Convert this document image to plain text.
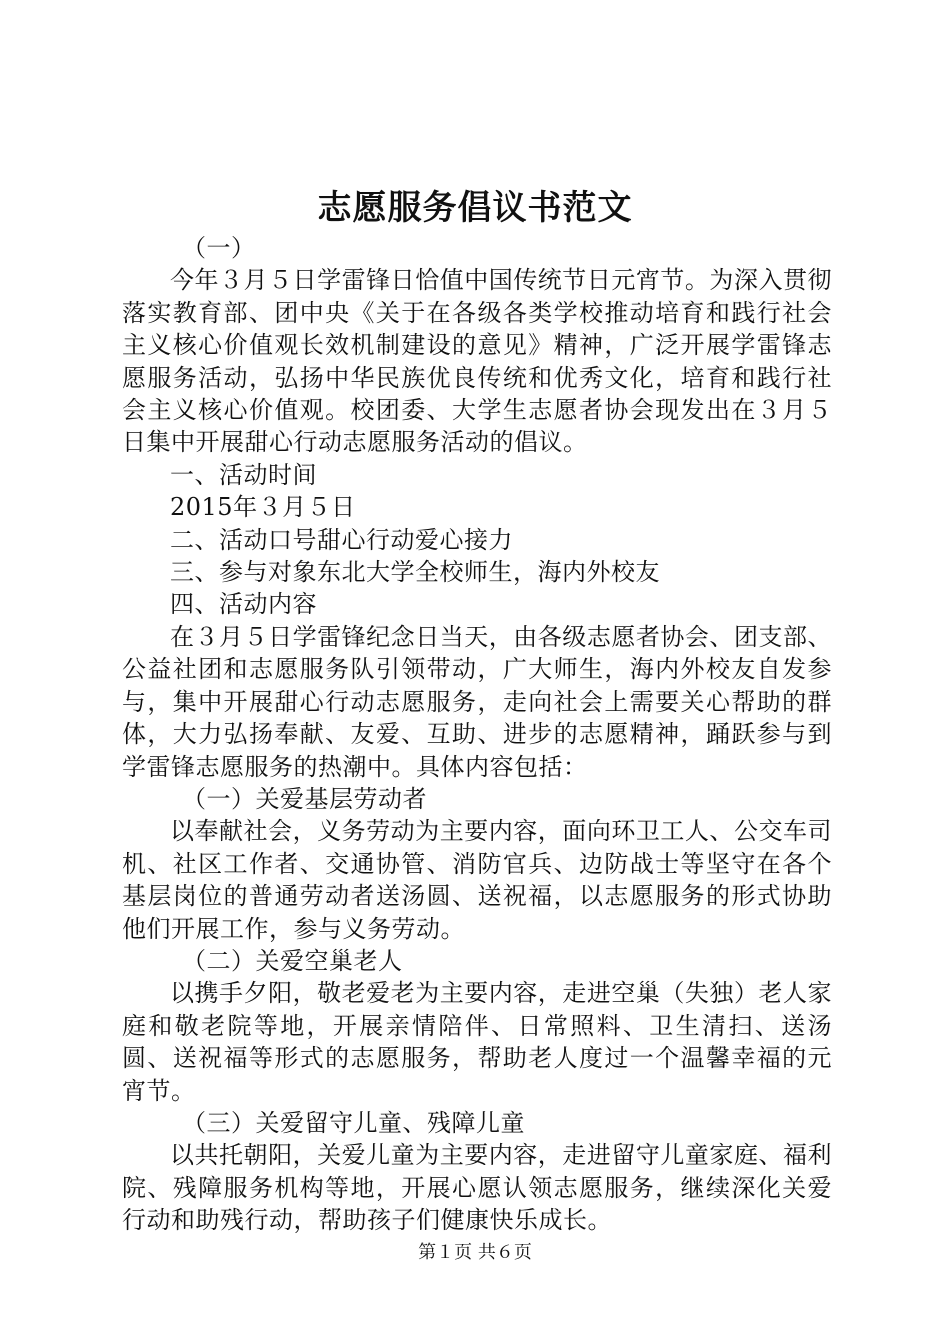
志愿服务倡议书范文

（一）

今年３月５日学雷锋日恰值中国传统节日元宵节。为深入贯彻落实教育部、团中央《关于在各级各类学校推动培育和践行社会主义核心价值观长效机制建设的意见》精神，广泛开展学雷锋志愿服务活动，弘扬中华民族优良传统和优秀文化，培育和践行社会主义核心价值观。校团委、大学生志愿者协会现发出在３月５日集中开展甜心行动志愿服务活动的倡议。

一、活动时间

2015年３月５日

二、活动口号甜心行动爱心接力

三、参与对象东北大学全校师生，海内外校友

四、活动内容

在３月５日学雷锋纪念日当天，由各级志愿者协会、团支部、公益社团和志愿服务队引领带动，广大师生，海内外校友自发参与，集中开展甜心行动志愿服务，走向社会上需要关心帮助的群体，大力弘扬奉献、友爱、互助、进步的志愿精神，踊跃参与到学雷锋志愿服务的热潮中。具体内容包括：

（一）关爱基层劳动者

以奉献社会，义务劳动为主要内容，面向环卫工人、公交车司机、社区工作者、交通协管、消防官兵、边防战士等坚守在各个基层岗位的普通劳动者送汤圆、送祝福，以志愿服务的形式协助他们开展工作，参与义务劳动。

（二）关爱空巢老人

以携手夕阳，敬老爱老为主要内容，走进空巢（失独）老人家庭和敬老院等地，开展亲情陪伴、日常照料、卫生清扫、送汤圆、送祝福等形式的志愿服务，帮助老人度过一个温馨幸福的元宵节。

（三）关爱留守儿童、残障儿童

以共托朝阳，关爱儿童为主要内容，走进留守儿童家庭、福利院、残障服务机构等地，开展心愿认领志愿服务，继续深化关爱行动和助残行动，帮助孩子们健康快乐成长。

第１页 共６页
